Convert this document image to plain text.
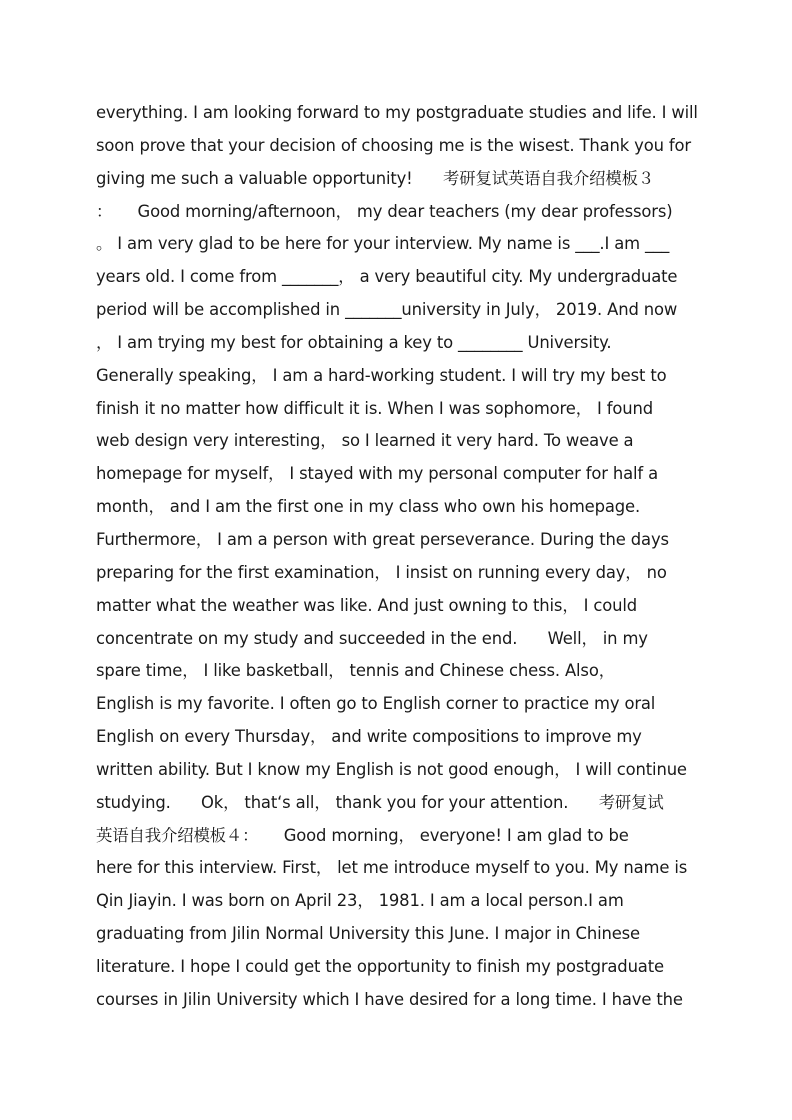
everything. I am looking forward to my postgraduate studies and life. I will
soon prove that your decision of choosing me is the wisest. Thank you for
giving me such a valuable opportunity!      考研复试英语自我介绍模板３
：     Good morning/afternoon， my dear teachers (my dear professors)
。 I am very glad to be here for your interview. My name is ___.I am ___
years old. I come from _______， a very beautiful city. My undergraduate
period will be accomplished in _______university in July， 2019. And now
， I am trying my best for obtaining a key to ________ University.
Generally speaking， I am a hard-working student. I will try my best to
finish it no matter how difficult it is. When I was sophomore， I found
web design very interesting， so I learned it very hard. To weave a
homepage for myself， I stayed with my personal computer for half a
month， and I am the first one in my class who own his homepage.
Furthermore， I am a person with great perseverance. During the days
preparing for the first examination， I insist on running every day， no
matter what the weather was like. And just owning to this， I could
concentrate on my study and succeeded in the end.      Well， in my
spare time， I like basketball， tennis and Chinese chess. Also，
English is my favorite. I often go to English corner to practice my oral
English on every Thursday， and write compositions to improve my
written ability. But I know my English is not good enough， I will continue
studying.      Ok， that‘s all， thank you for your attention.      考研复试
英语自我介绍模板４：     Good morning， everyone! I am glad to be
here for this interview. First， let me introduce myself to you. My name is
Qin Jiayin. I was born on April 23， 1981. I am a local person.I am
graduating from Jilin Normal University this June. I major in Chinese
literature. I hope I could get the opportunity to finish my postgraduate
courses in Jilin University which I have desired for a long time. I have the
